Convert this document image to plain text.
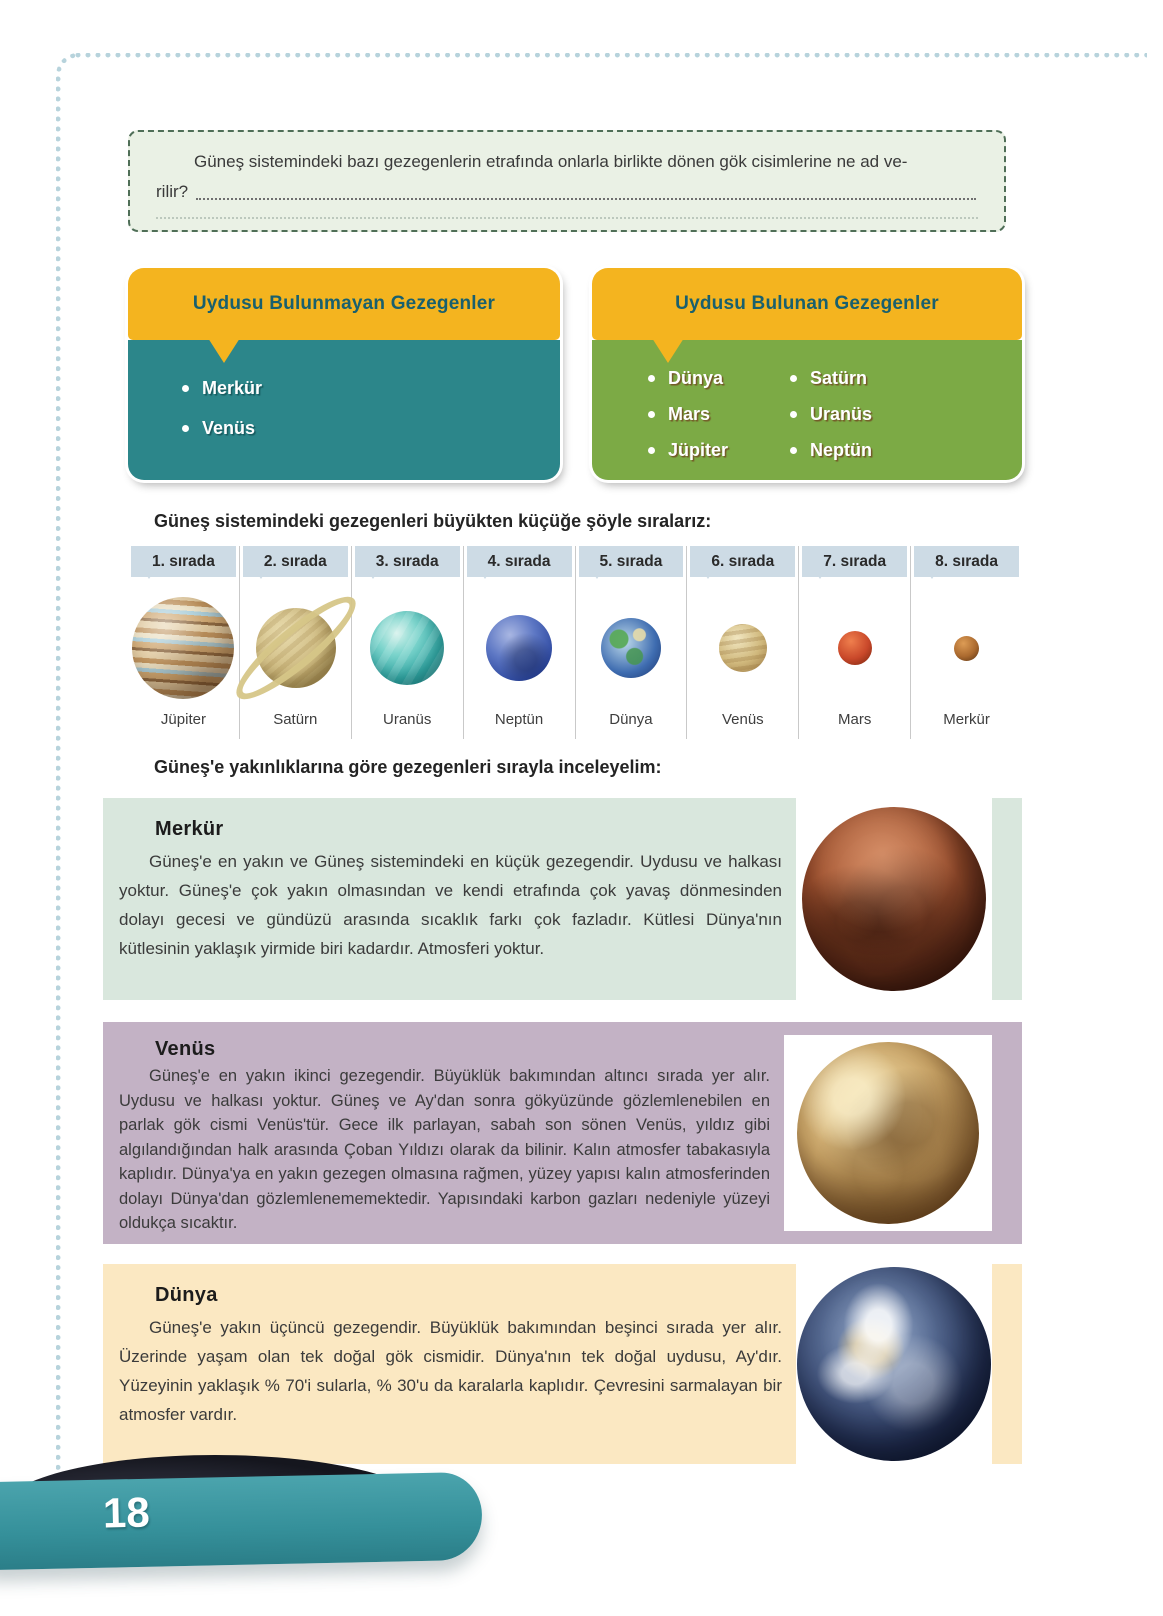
Güneş sistemindeki bazı gezegenlerin etrafında onlarla birlikte dönen gök cisimlerine ne ad ve-

rilir?
Uydusu Bulunmayan Gezegenler
Merkür
Venüs
Uydusu Bulunan Gezegenler
Dünya
Mars
Jüpiter
Satürn
Uranüs
Neptün
Güneş sistemindeki gezegenleri büyükten küçüğe şöyle sıralarız:
1. sırada
Jüpiter
2. sırada
Satürn
3. sırada
Uranüs
4. sırada
Neptün
5. sırada
Dünya
6. sırada
Venüs
7. sırada
Mars
8. sırada
Merkür
Güneş'e yakınlıklarına göre gezegenleri sırayla inceleyelim:
Merkür

Güneş'e en yakın ve Güneş sistemindeki en küçük gezegendir. Uydusu ve halkası yoktur. Güneş'e çok yakın olmasından ve kendi etrafında çok yavaş dönmesinden dolayı gecesi ve gündüzü arasında sıcaklık farkı çok fazladır. Kütlesi Dünya'nın kütlesinin yaklaşık yirmide biri kadardır. Atmosferi yoktur.

Venüs

Güneş'e en yakın ikinci gezegendir. Büyüklük bakımından altıncı sırada yer alır. Uydusu ve halkası yoktur. Güneş ve Ay'dan sonra gökyüzünde gözlemlenebilen en parlak gök cismi Venüs'tür. Gece ilk parlayan, sabah son sönen Venüs, yıldız gibi algılandığından halk arasında Çoban Yıldızı olarak da bilinir. Kalın atmosfer tabakasıyla kaplıdır. Dünya'ya en yakın gezegen olmasına rağmen, yüzey yapısı kalın atmosferinden dolayı Dünya'dan gözlemlenememektedir. Yapısındaki karbon gazları nedeniyle yüzeyi oldukça sıcaktır.

Dünya

Güneş'e yakın üçüncü gezegendir. Büyüklük bakımından beşinci sırada yer alır. Üzerinde yaşam olan tek doğal gök cismidir. Dünya'nın tek doğal uydusu, Ay'dır. Yüzeyinin yaklaşık % 70'i sularla, % 30'u da karalarla kaplıdır. Çevresini sarmalayan bir atmosfer vardır.

18
